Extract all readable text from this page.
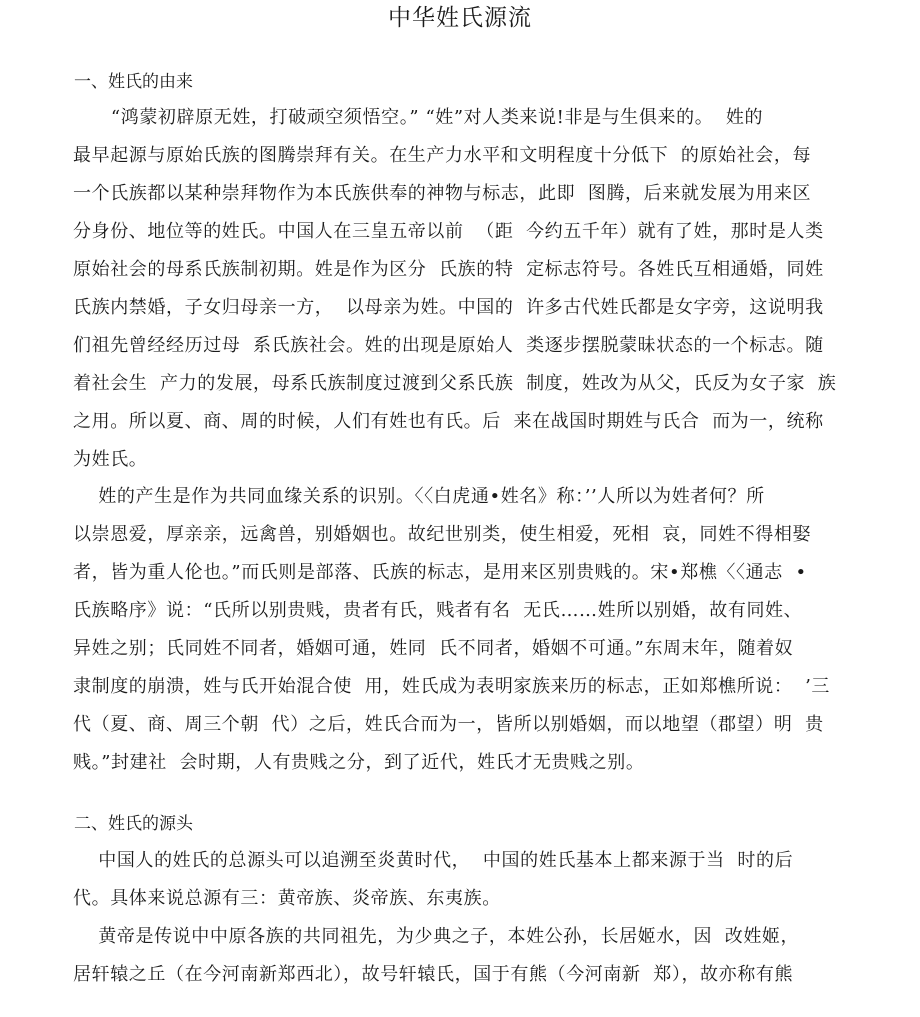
中华姓氏源流
一、姓氏的由来
“鸿蒙初辟原无姓，打破顽空须悟空。” “姓”对人类来说!非是与生俱来的。  姓的
最早起源与原始氏族的图腾崇拜有关。在生产力水平和文明程度十分低下  的原始社会，每
一个氏族都以某种崇拜物作为本氏族供奉的神物与标志，此即  图腾，后来就发展为用来区
分身份、地位等的姓氏。中国人在三皇五帝以前  （距  今约五千年）就有了姓，那时是人类
原始社会的母系氏族制初期。姓是作为区分  氏族的特  定标志符号。各姓氏互相通婚，同姓
氏族内禁婚，子女归母亲一方，  以母亲为姓。中国的  许多古代姓氏都是女字旁，这说明我
们祖先曾经经历过母  系氏族社会。姓的出现是原始人  类逐步摆脱蒙昧状态的一个标志。随
着社会生  产力的发展，母系氏族制度过渡到父系氏族  制度，姓改为从父，氏反为女子家  族
之用。所以夏、商、周的时候，人们有姓也有氏。后  来在战国时期姓与氏合  而为一，统称
为姓氏。
姓的产生是作为共同血缘关系的识别。〈〈白虎通•姓名》称：’’人所以为姓者何？所
以崇恩爱，厚亲亲，远禽兽，别婚姻也。故纪世别类，使生相爱，死相  哀，同姓不得相娶
者，皆为重人伦也。”而氏则是部落、氏族的标志，是用来区别贵贱的。宋•郑樵〈〈通志  •
氏族略序》说：“氏所以别贵贱，贵者有氏，贱者有名  无氏……姓所以别婚，故有同姓、
异姓之别；氏同姓不同者，婚姻可通，姓同  氏不同者，婚姻不可通。”东周末年，随着奴
隶制度的崩溃，姓与氏开始混合使  用，姓氏成为表明家族来历的标志，正如郑樵所说：  ’三
代（夏、商、周三个朝  代）之后，姓氏合而为一，皆所以别婚姻，而以地望（郡望）明  贵
贱。”封建社  会时期，人有贵贱之分，到了近代，姓氏才无贵贱之别。
二、姓氏的源头
中国人的姓氏的总源头可以追溯至炎黄时代，  中国的姓氏基本上都来源于当  时的后
代。具体来说总源有三：黄帝族、炎帝族、东夷族。
黄帝是传说中中原各族的共同祖先，为少典之子，本姓公孙，长居姬水，因  改姓姬，
居轩辕之丘（在今河南新郑西北），故号轩辕氏，国于有熊（今河南新  郑），故亦称有熊
